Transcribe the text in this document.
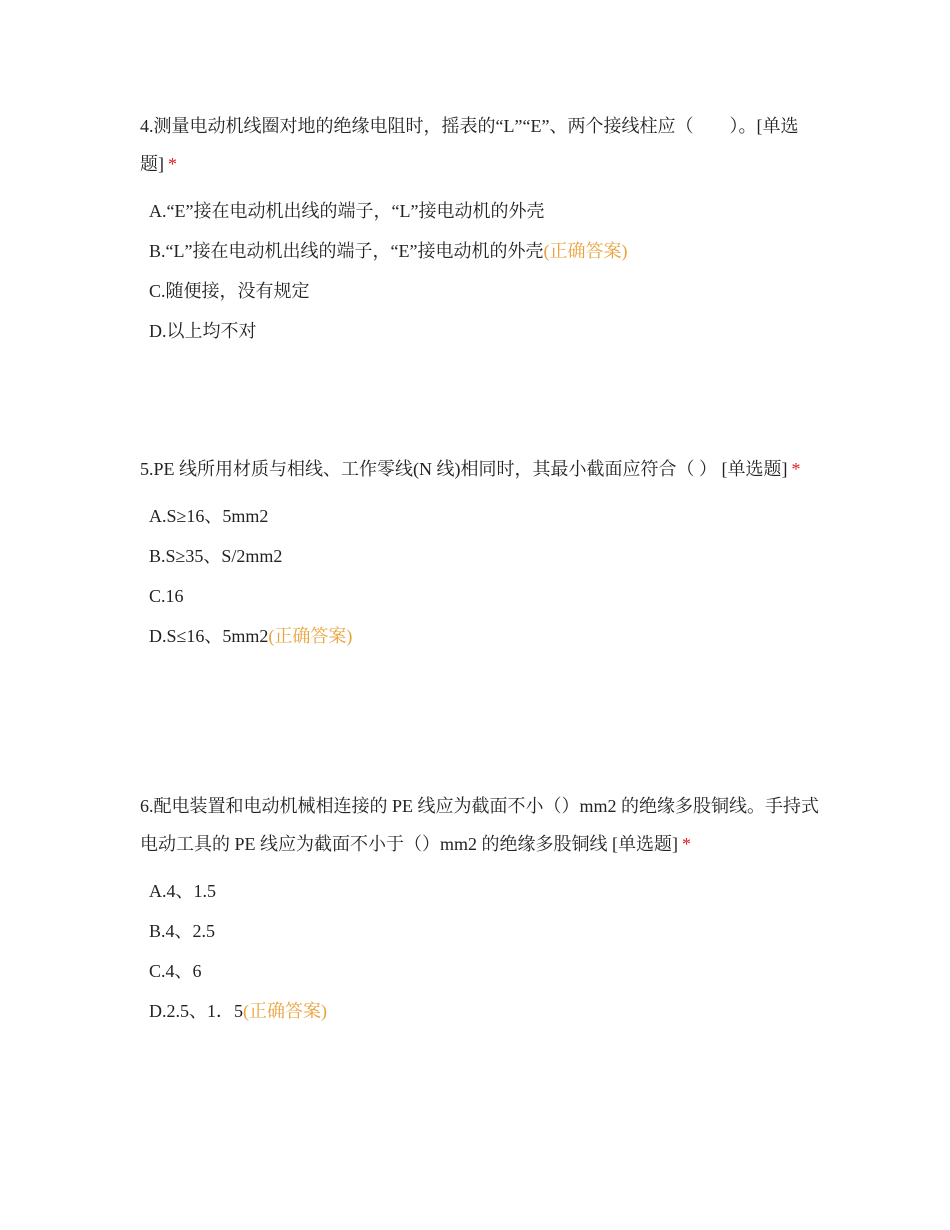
4.测量电动机线圈对地的绝缘电阻时，摇表的“L”“E”、两个接线柱应（　　）。[单选题] *

A.“E”接在电动机出线的端子，“L”接电动机的外壳
B.“L”接在电动机出线的端子，“E”接电动机的外壳(正确答案)
C.随便接，没有规定
D.以上均不对

5.PE 线所用材质与相线、工作零线(N 线)相同时，其最小截面应符合（ ） [单选题] *

A.S≥16、5mm2
B.S≥35、S/2mm2
C.16
D.S≤16、5mm2(正确答案)

6.配电装置和电动机械相连接的 PE 线应为截面不小（）mm2 的绝缘多股铜线。手持式电动工具的 PE 线应为截面不小于（）mm2 的绝缘多股铜线 [单选题] *

A.4、1.5
B.4、2.5
C.4、6
D.2.5、1．5(正确答案)
